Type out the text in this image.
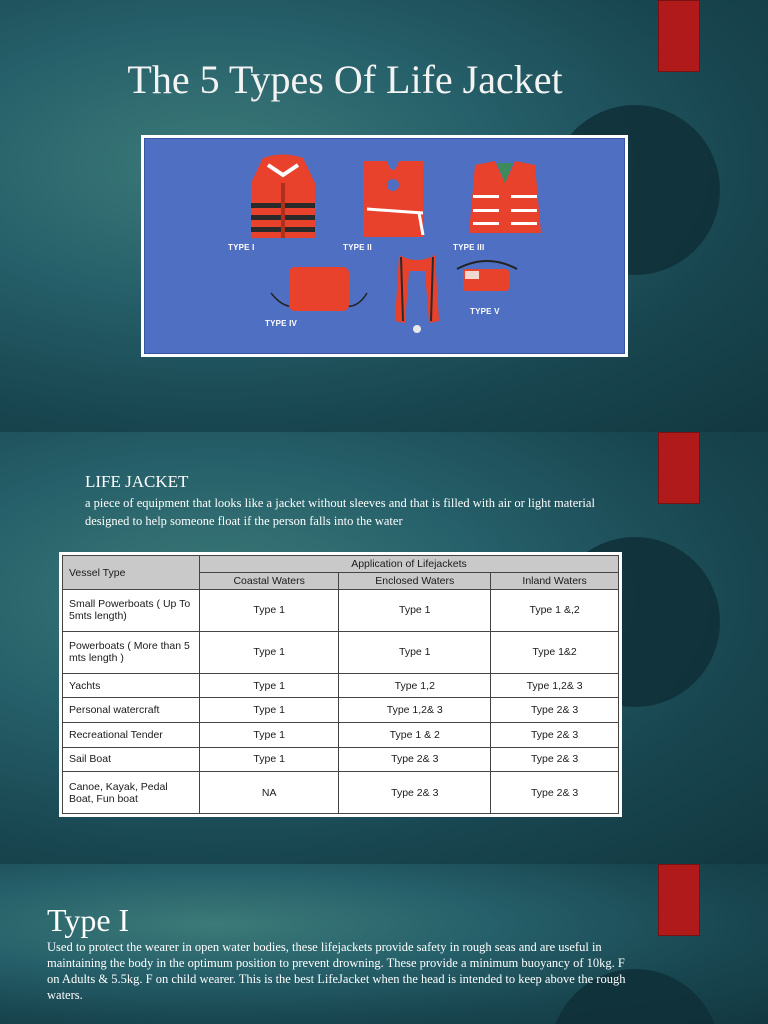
The 5 Types Of Life Jacket
TYPE I	TYPE II	TYPE III
TYPE IV
TYPE V
LIFE JACKET

a piece of equipment that looks like a jacket without sleeves and that is filled with air or light material designed to help someone float if the person falls into the water

Vessel Type	Application of Lifejackets		
	Coastal Waters	Enclosed Waters	Inland Waters
Small Powerboats ( Up To 5mts length)	Type 1	Type 1	Type 1 &,2
Powerboats ( More than 5 mts length )	Type 1	Type 1	Type 1&2
Yachts	Type 1	Type 1,2	Type 1,2& 3
Personal watercraft	Type 1	Type 1,2& 3	Type 2& 3
Recreational Tender	Type 1	Type 1 & 2	Type 2& 3
Sail Boat	Type 1	Type 2& 3	Type 2& 3
Canoe, Kayak, Pedal Boat, Fun boat	NA	Type 2& 3	Type 2& 3
Type I

Used to protect the wearer in open water bodies, these lifejackets provide safety in rough seas and are useful in maintaining the body in the optimum position to prevent drowning. These provide a minimum buoyancy of 10kg. F on Adults & 5.5kg. F on child wearer. This is the best LifeJacket when the head is intended to keep above the rough waters.
